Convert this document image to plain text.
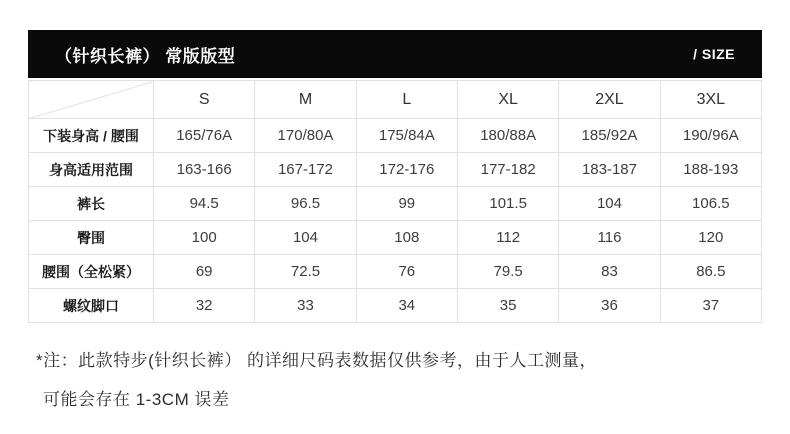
（针织长裤） 常版版型	/ SIZE
	S	M	L	XL	2XL	3XL
下装身高 / 腰围	165/76A	170/80A	175/84A	180/88A	185/92A	190/96A
身高适用范围	163-166	167-172	172-176	177-182	183-187	188-193
裤长	94.5	96.5	99	101.5	104	106.5
臀围	100	104	108	112	116	120
腰围（全松紧）	69	72.5	76	79.5	83	86.5
螺纹脚口	32	33	34	35	36	37
*注：此款特步(针织长裤） 的详细尺码表数据仅供参考，由于人工测量，
可能会存在 1-3CM 误差
